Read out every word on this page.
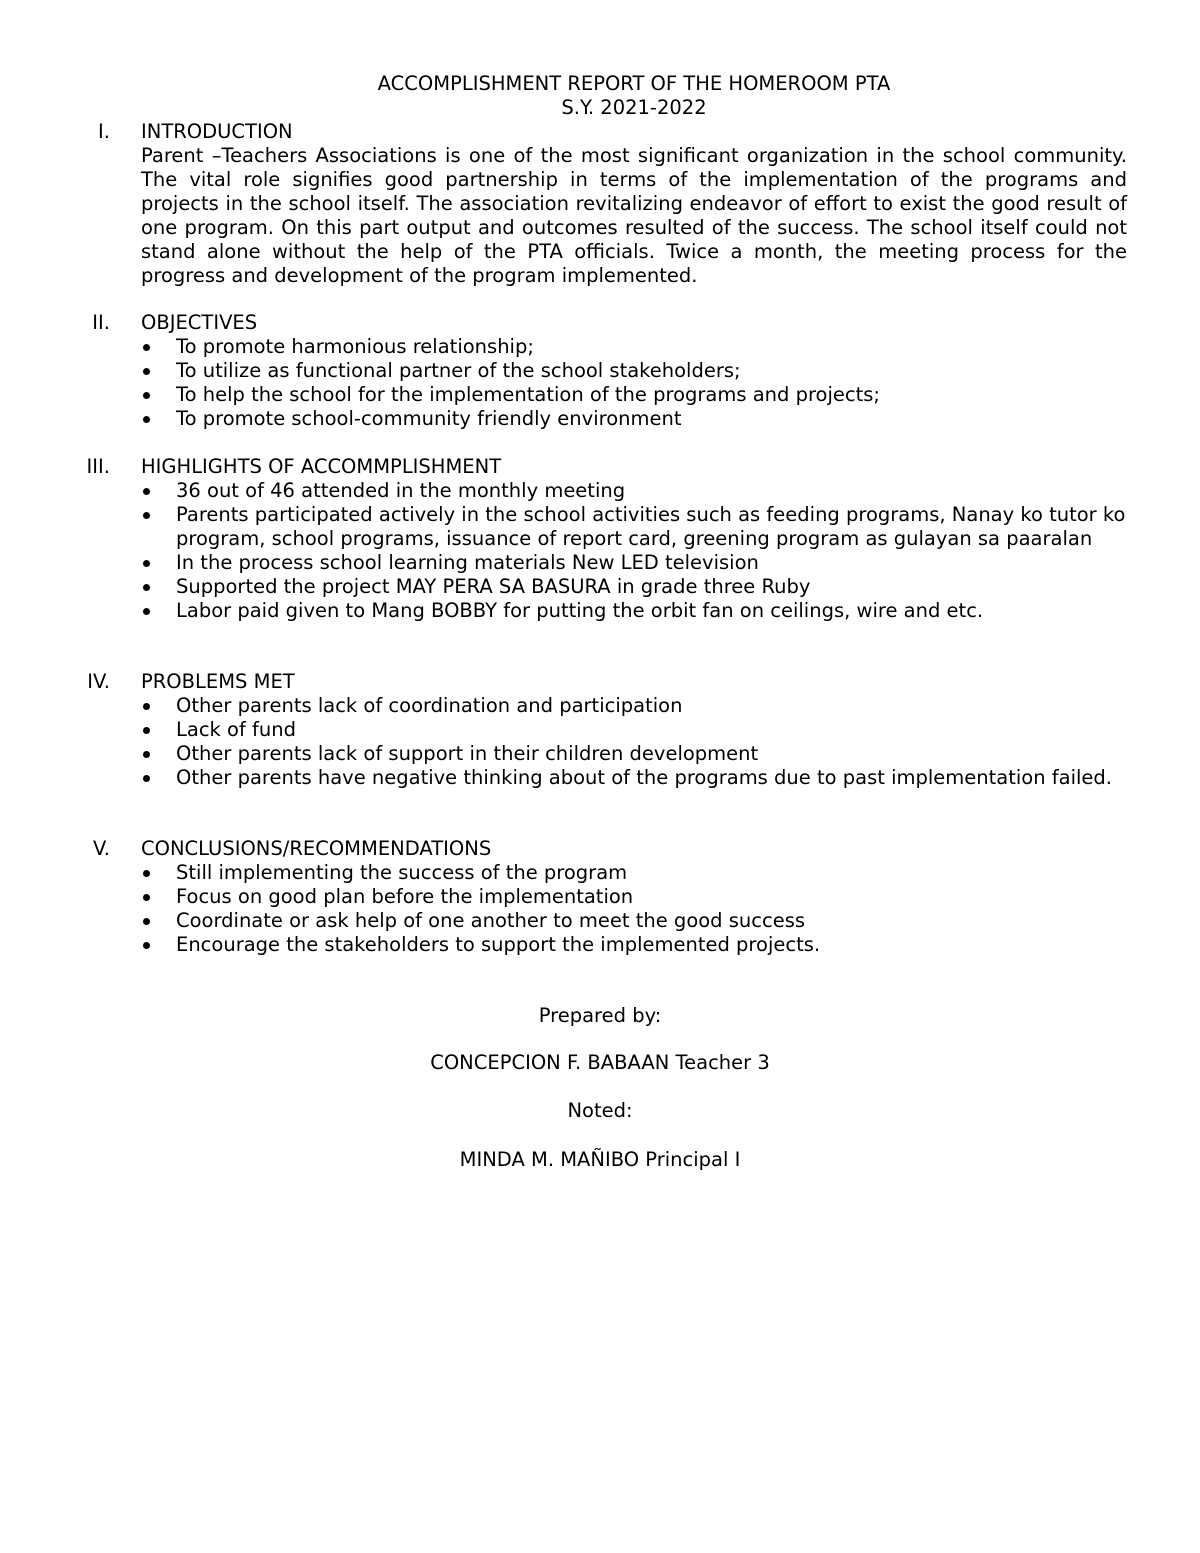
ACCOMPLISHMENT REPORT OF THE HOMEROOM PTA
S.Y. 2021-2022
I. INTRODUCTION
Parent –Teachers Associations is one of the most significant organization in the school community. The vital role signifies good partnership in terms of the implementation of the programs and projects in the school itself. The association revitalizing endeavor of effort to exist the good result of one program. On this part output and outcomes resulted of the success. The school itself could not stand alone without the help of the PTA officials. Twice a month, the meeting process for the progress and development of the program implemented.
II. OBJECTIVES
To promote harmonious relationship;
To utilize as functional partner of the school stakeholders;
To help the school for the implementation of the programs and projects;
To promote school-community friendly environment
III. HIGHLIGHTS OF ACCOMMPLISHMENT
36 out of 46 attended in the monthly meeting
Parents participated actively in the school activities such as feeding programs, Nanay ko tutor ko program, school programs, issuance of report card, greening program as gulayan sa paaralan
In the process school learning materials New LED television
Supported the project MAY PERA SA BASURA in grade three Ruby
Labor paid given to Mang BOBBY for putting the orbit fan on ceilings, wire and etc.
IV. PROBLEMS MET
Other parents lack of coordination and participation
Lack of fund
Other parents lack of support in their children development
Other parents have negative thinking about of the programs due to past implementation failed.
V. CONCLUSIONS/RECOMMENDATIONS
Still implementing the success of the program
Focus on good plan before the implementation
Coordinate or ask help of one another to meet the good success
Encourage the stakeholders to support the implemented projects.
Prepared by:
CONCEPCION F. BABAAN Teacher 3
Noted:
MINDA M. MAÑIBO Principal I
